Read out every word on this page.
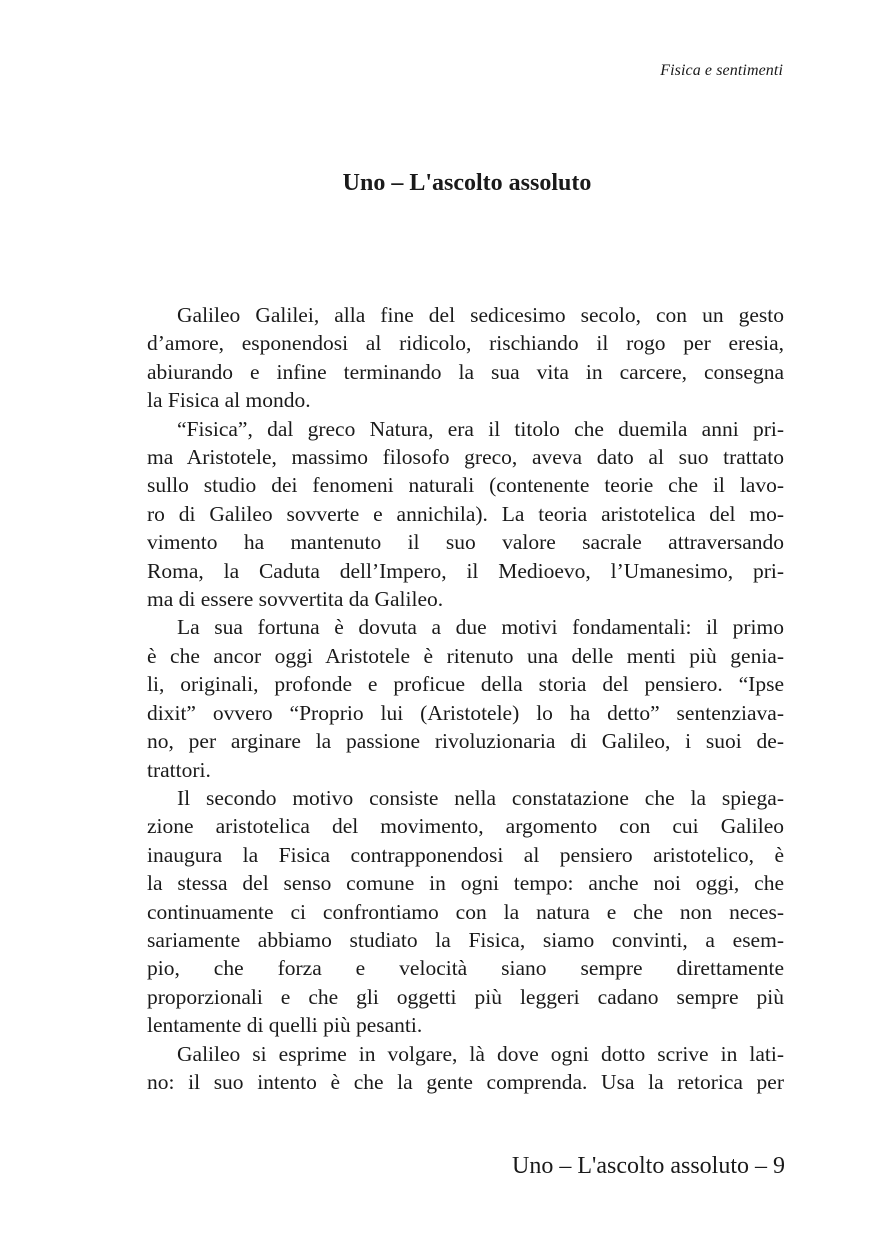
Fisica e sentimenti
Uno – L'ascolto assoluto
Galileo Galilei, alla fine del sedicesimo secolo, con un gesto
d’amore, esponendosi al ridicolo, rischiando il rogo per eresia,
abiurando e infine terminando la sua vita in carcere, consegna
la Fisica al mondo.
“Fisica”, dal greco Natura, era il titolo che duemila anni pri-
ma Aristotele, massimo filosofo greco, aveva dato al suo trattato
sullo studio dei fenomeni naturali (contenente teorie che il lavo-
ro di Galileo sovverte e annichila). La teoria aristotelica del mo-
vimento ha mantenuto il suo valore sacrale attraversando
Roma, la Caduta dell’Impero, il Medioevo, l’Umanesimo, pri-
ma di essere sovvertita da Galileo.
La sua fortuna è dovuta a due motivi fondamentali: il primo
è che ancor oggi Aristotele è ritenuto una delle menti più genia-
li, originali, profonde e proficue della storia del pensiero. “Ipse
dixit” ovvero “Proprio lui (Aristotele) lo ha detto” sentenziava-
no, per arginare la passione rivoluzionaria di Galileo, i suoi de-
trattori.
Il secondo motivo consiste nella constatazione che la spiega-
zione aristotelica del movimento, argomento con cui Galileo
inaugura la Fisica contrapponendosi al pensiero aristotelico, è
la stessa del senso comune in ogni tempo: anche noi oggi, che
continuamente ci confrontiamo con la natura e che non neces-
sariamente abbiamo studiato la Fisica, siamo convinti, a esem-
pio, che forza e velocità siano sempre direttamente
proporzionali e che gli oggetti più leggeri cadano sempre più
lentamente di quelli più pesanti.
Galileo si esprime in volgare, là dove ogni dotto scrive in lati-
no: il suo intento è che la gente comprenda. Usa la retorica per
Uno – L'ascolto assoluto – 9
